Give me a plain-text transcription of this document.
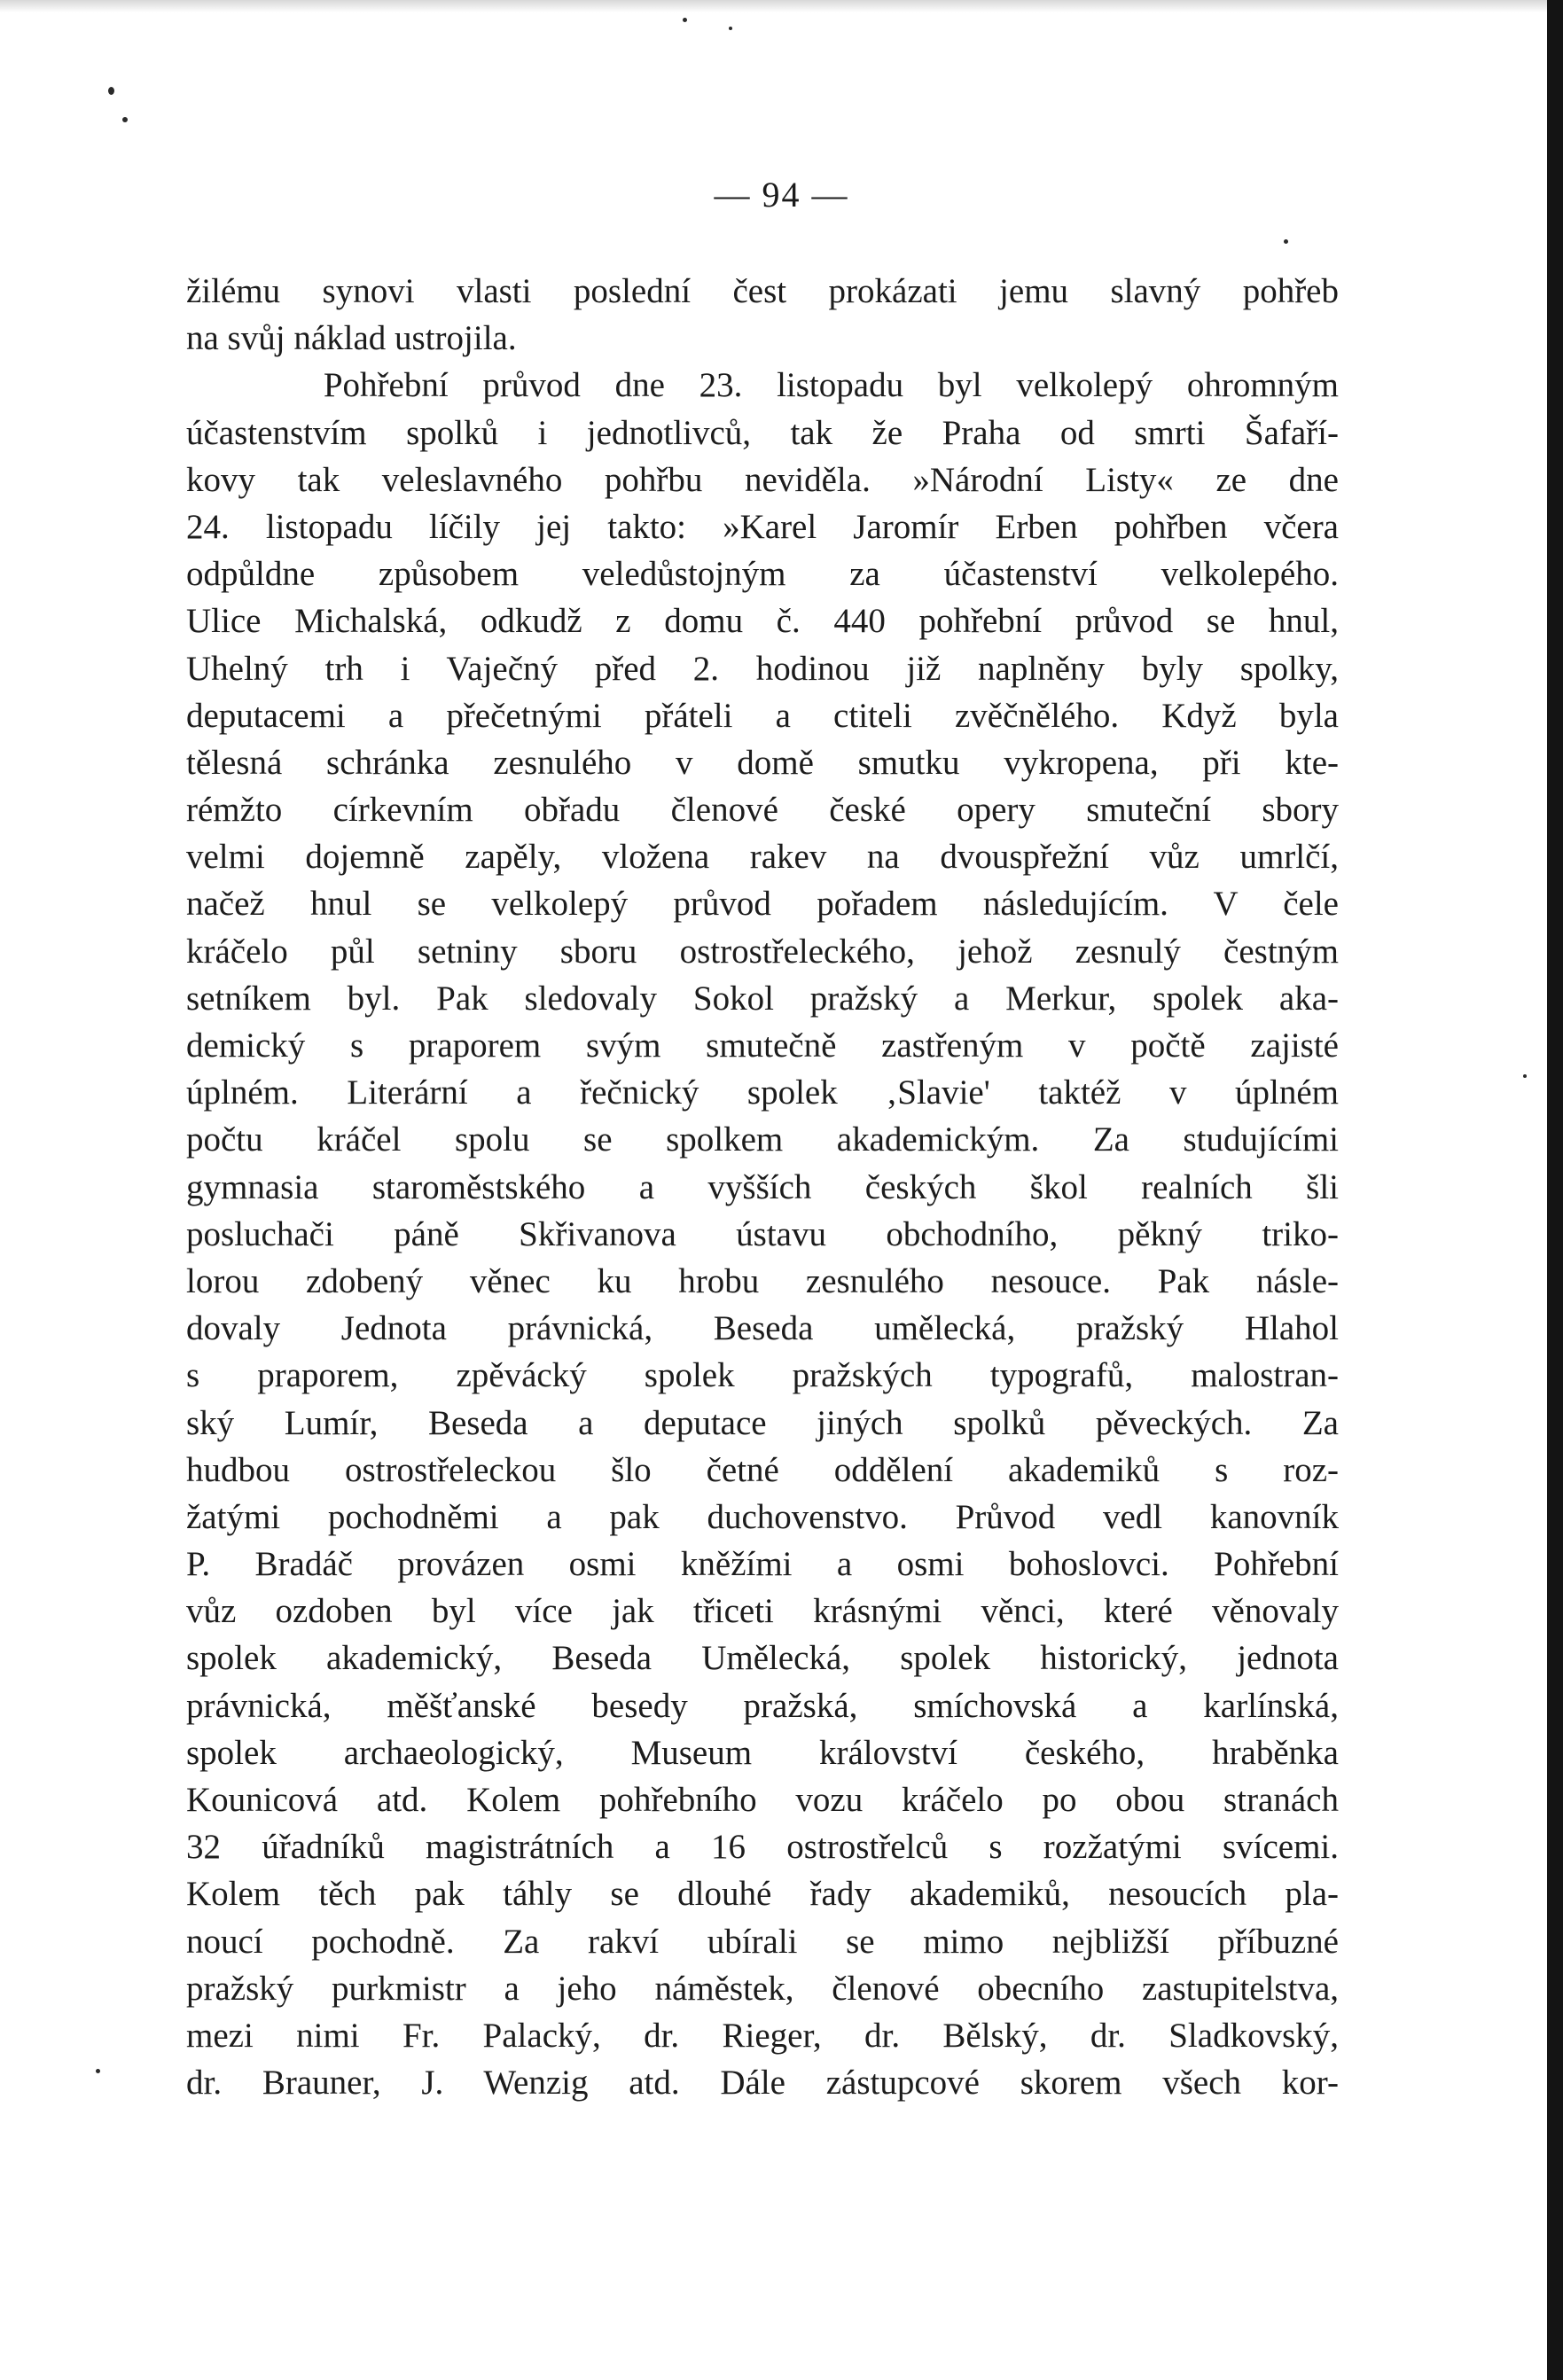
— 94 —
žilému synovi vlasti poslední čest prokázati jemu slavný pohřeb
na svůj náklad ustrojila.
Pohřební průvod dne 23. listopadu byl velkolepý ohromným
účastenstvím spolků i jednotlivců, tak že Praha od smrti Šafaří-
kovy tak veleslavného pohřbu neviděla. »Národní Listy« ze dne
24. listopadu líčily jej takto: »Karel Jaromír Erben pohřben včera
odpůldne způsobem veledůstojným za účastenství velkolepého.
Ulice Michalská, odkudž z domu č. 440 pohřební průvod se hnul,
Uhelný trh i Vaječný před 2. hodinou již naplněny byly spolky,
deputacemi a přečetnými přáteli a ctiteli zvěčnělého. Když byla
tělesná schránka zesnulého v domě smutku vykropena, při kte-
rémžto církevním obřadu členové české opery smuteční sbory
velmi dojemně zapěly, vložena rakev na dvouspřežní vůz umrlčí,
načež hnul se velkolepý průvod pořadem následujícím. V čele
kráčelo půl setniny sboru ostrostřeleckého, jehož zesnulý čestným
setníkem byl. Pak sledovaly Sokol pražský a Merkur, spolek aka-
demický s praporem svým smutečně zastřeným v počtě zajisté
úplném. Literární a řečnický spolek ‚Slavie' taktéž v úplném
počtu kráčel spolu se spolkem akademickým. Za studujícími
gymnasia staroměstského a vyšších českých škol realních šli
posluchači páně Skřivanova ústavu obchodního, pěkný triko-
lorou zdobený věnec ku hrobu zesnulého nesouce. Pak násle-
dovaly Jednota právnická, Beseda umělecká, pražský Hlahol
s praporem, zpěvácký spolek pražských typografů, malostran-
ský Lumír, Beseda a deputace jiných spolků pěveckých. Za
hudbou ostrostřeleckou šlo četné oddělení akademiků s roz-
žatými pochodněmi a pak duchovenstvo. Průvod vedl kanovník
P. Bradáč provázen osmi kněžími a osmi bohoslovci. Pohřební
vůz ozdoben byl více jak třiceti krásnými věnci, které věnovaly
spolek akademický, Beseda Umělecká, spolek historický, jednota
právnická, měšťanské besedy pražská, smíchovská a karlínská,
spolek archaeologický, Museum království českého, hraběnka
Kounicová atd. Kolem pohřebního vozu kráčelo po obou stranách
32 úřadníků magistrátních a 16 ostrostřelců s rozžatými svícemi.
Kolem těch pak táhly se dlouhé řady akademiků, nesoucích pla-
noucí pochodně. Za rakví ubírali se mimo nejbližší příbuzné
pražský purkmistr a jeho náměstek, členové obecního zastupitelstva,
mezi nimi Fr. Palacký, dr. Rieger, dr. Bělský, dr. Sladkovský,
dr. Brauner, J. Wenzig atd. Dále zástupcové skorem všech kor-
